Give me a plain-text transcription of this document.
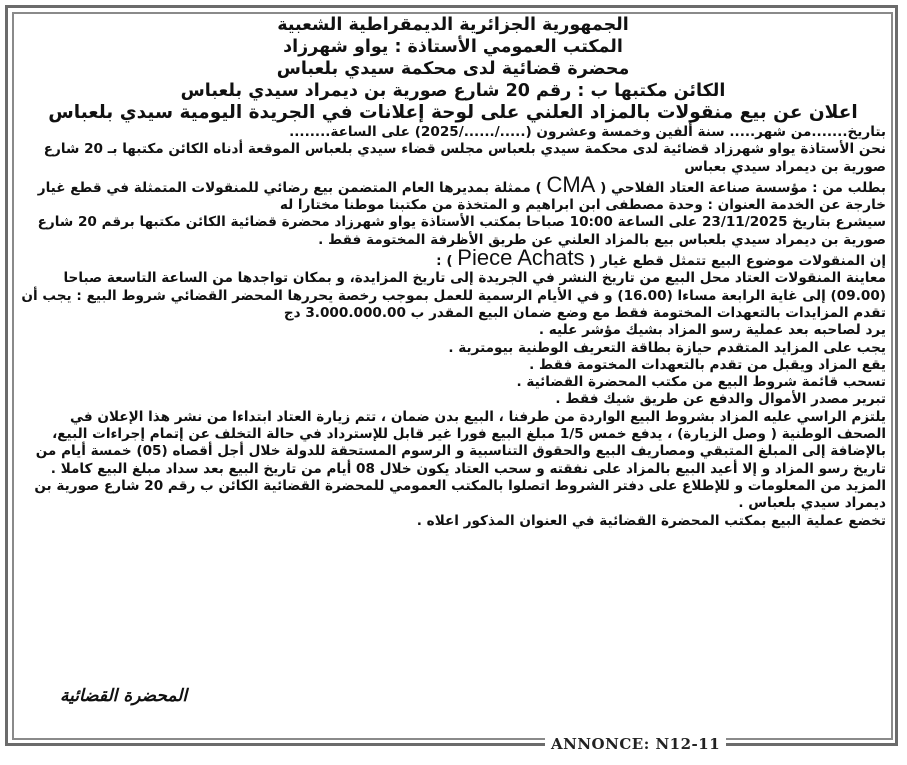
الجمهورية الجزائرية الديمقراطية الشعبية
المكتب العمومي الأستاذة : يواو شهرزاد
محضرة قضائية لدى محكمة سيدي بلعباس
الكائن مكتبها ب : رقم 20 شارع صورية بن ديمراد سيدي بلعباس
اعلان عن بيع منقولات بالمزاد العلني على لوحة إعلانات في الجريدة اليومية سيدي بلعباس

بتاريخ.......من شهر..... سنة ألفين وخمسة وعشرون (...../....../2025) على الساعة........

نحن الأستاذة يواو شهرزاد قضائية لدى محكمة سيدي بلعباس مجلس قضاء سيدي بلعباس الموقعة أدناه الكائن مكتبها بـ 20 شارع صورية بن ديمراد سيدي بعباس

بطلب من : مؤسسة صناعة العتاد الفلاحي ( CMA ) ممثلة بمديرها العام المتضمن بيع رضائي للمنقولات المتمثلة في قطع غيار خارجة عن الخدمة العنوان : وحدة مصطفى ابن ابراهيم و المتخذة من مكتبنا موطنا مختارا له

سيشرع بتاريخ 23/11/2025 على الساعة 10:00 صباحا بمكتب الأستاذة يواو شهرزاد محضرة قضائية الكائن مكتبها برقم 20 شارع صورية بن ديمراد سيدي بلعباس بيع بالمزاد العلني عن طريق الأظرفة المختومة فقط .

إن المنقولات موضوع البيع تتمثل قطع غيار ( Piece Achats ) :

معاينة المنقولات العتاد محل البيع من تاريخ النشر في الجريدة إلى تاريخ المزايدة، و بمكان تواجدها من الساعة التاسعة صباحا (09.00) إلى غاية الرابعة مساءا (16.00) و في الأيام الرسمية للعمل بموجب رخصة يحررها المحضر القضائي شروط البيع : يجب أن تقدم المزايدات بالتعهدات المختومة فقط مع وضع ضمان البيع المقدر ب 3.000.000.00 دج

يرد لصاحبه بعد عملية رسو المزاد بشيك مؤشر عليه .

يجب على المزايد المتقدم حيازة بطاقة التعريف الوطنية بيومترية .

يقع المزاد ويقبل من تقدم بالتعهدات المختومة فقط .

تسحب قائمة شروط البيع من مكتب المحضرة القضائية .

تبرير مصدر الأموال والدفع عن طريق شيك فقط .

يلتزم الراسي عليه المزاد بشروط البيع الواردة من طرفنا ، البيع بدن ضمان ، تتم زيارة العتاد ابتداءا من نشر هذا الإعلان في الصحف الوطنية ( وصل الزيارة) ، يدفع خمس 1/5 مبلغ البيع فورا غير قابل للإسترداد في حالة التخلف عن إتمام إجراءات البيع، بالإضافة إلى المبلغ المتبقي ومصاريف البيع والحقوق التناسبية و الرسوم المستحقة للدولة خلال أجل أقصاه (05) خمسة أيام من تاريخ رسو المزاد و إلا أعيد البيع بالمزاد على نفقته و سحب العتاد يكون خلال 08 أيام من تاريخ البيع بعد سداد مبلغ البيع كاملا .

المزيد من المعلومات و للإطلاع على دفتر الشروط اتصلوا بالمكتب العمومي للمحضرة القضائية الكائن ب رقم 20 شارع صورية بن ديمراد سيدي بلعباس .

تخضع عملية البيع بمكتب المحضرة القضائية في العنوان المذكور اعلاه .

المحضرة القضائية
ANNONCE: N12-11
